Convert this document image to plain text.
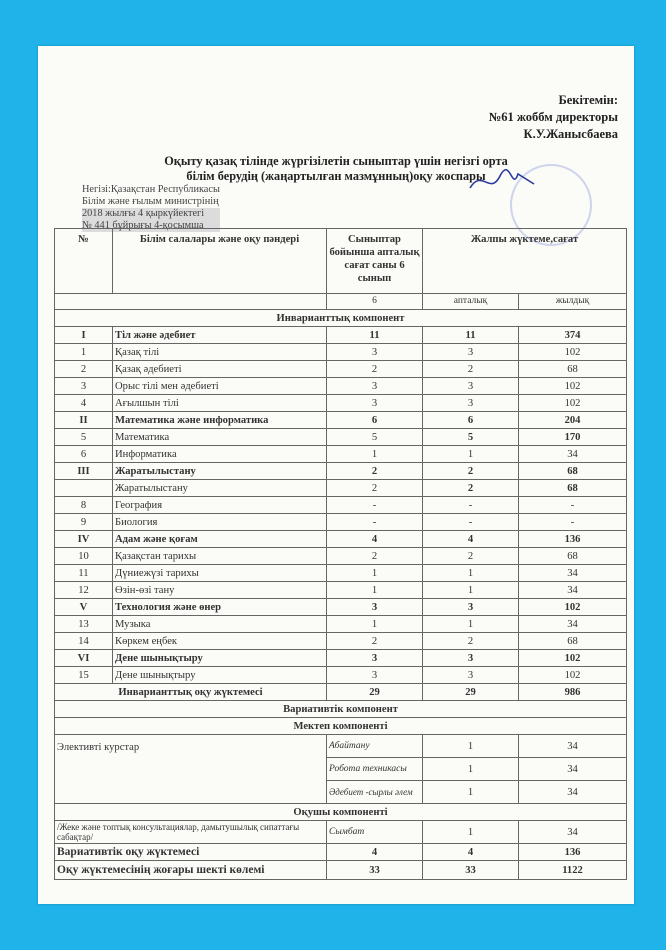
Бекітемін:
№61 жоббм директоры
К.У.Жанысбаева
Оқыту қазақ тілінде жүргізілетін сыныптар үшін негізгі орта
білім берудің (жаңартылған мазмұнның)оқу жоспары
Негізі:Қазақстан Республикасы
Білім және ғылым министрінің
2018 жылғы 4 қыркүйектегі
№ 441 бұйрығы 4-қосымша
№	Білім салалары және оқу пәндері	Сыныптар бойынша апталық сағат саны 6 сынып	Жалпы жүктеме,сағат	
		6	апталық	жылдық
Инварианттық компонент				
I	Тіл және әдебиет	11	11	374
1	Қазақ тілі	3	3	102
2	Қазақ әдебиеті	2	2	68
3	Орыс тілі мен әдебиеті	3	3	102
4	Ағылшын тілі	3	3	102
II	Математика және информатика	6	6	204
5	Математика	5	5	170
6	Информатика	1	1	34
III	Жаратылыстану	2	2	68
	Жаратылыстану	2	2	68
8	География	-	-	-
9	Биология	-	-	-
IV	Адам және қоғам	4	4	136
10	Қазақстан тарихы	2	2	68
11	Дүниежүзі тарихы	1	1	34
12	Өзін-өзі тану	1	1	34
V	Технология және өнер	3	3	102
13	Музыка	1	1	34
14	Көркем еңбек	2	2	68
VI	Дене шынықтыру	3	3	102
15	Дене шынықтыру	3	3	102
Инварианттық оқу жүктемесі		29	29	986
Вариативтік компонент				
Мектеп компоненті				
Элективті курстар		Абайтану	1	34
		Робота техникасы	1	34
		Әдебиет -сырлы әлем	1	34
Оқушы компоненті				
/Жеке және топтық консультациялар, дамытушылық сипаттағы сабақтар/		Сымбат	1	34
Вариативтік оқу жүктемесі		4	4	136
Оқу жүктемесінің жоғары шекті көлемі		33	33	1122
